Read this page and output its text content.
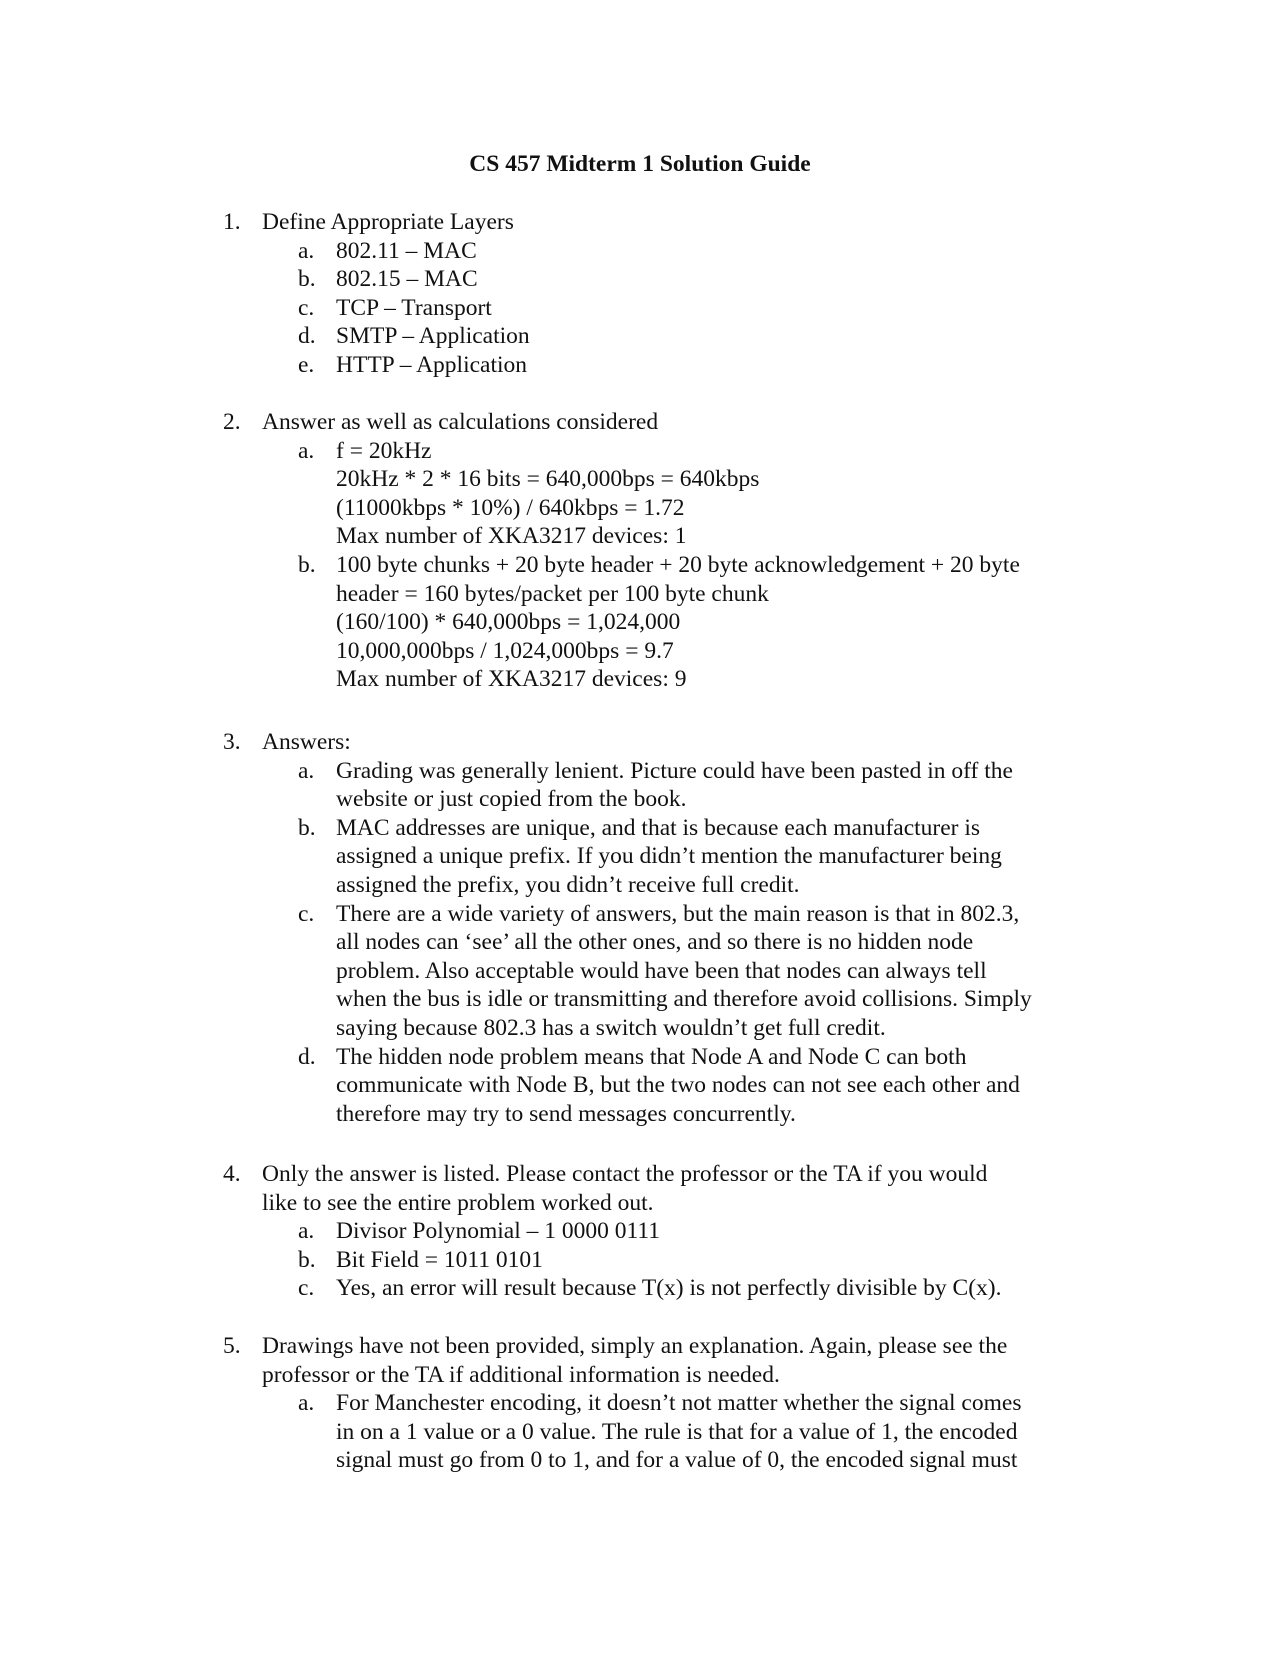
CS 457 Midterm 1 Solution Guide
1. Define Appropriate Layers
a. 802.11 – MAC
b. 802.15 – MAC
c. TCP – Transport
d. SMTP – Application
e. HTTP – Application
2. Answer as well as calculations considered
a. f = 20kHz
20kHz * 2 * 16 bits = 640,000bps = 640kbps
(11000kbps * 10%) / 640kbps = 1.72
Max number of XKA3217 devices: 1
b. 100 byte chunks + 20 byte header + 20 byte acknowledgement + 20 byte
header = 160 bytes/packet per 100 byte chunk
(160/100) * 640,000bps = 1,024,000
10,000,000bps / 1,024,000bps = 9.7
Max number of XKA3217 devices: 9
3. Answers:
a. Grading was generally lenient. Picture could have been pasted in off the
website or just copied from the book.
b. MAC addresses are unique, and that is because each manufacturer is
assigned a unique prefix. If you didn’t mention the manufacturer being
assigned the prefix, you didn’t receive full credit.
c. There are a wide variety of answers, but the main reason is that in 802.3,
all nodes can ‘see’ all the other ones, and so there is no hidden node
problem. Also acceptable would have been that nodes can always tell
when the bus is idle or transmitting and therefore avoid collisions. Simply
saying because 802.3 has a switch wouldn’t get full credit.
d. The hidden node problem means that Node A and Node C can both
communicate with Node B, but the two nodes can not see each other and
therefore may try to send messages concurrently.
4. Only the answer is listed. Please contact the professor or the TA if you would
like to see the entire problem worked out.
a. Divisor Polynomial – 1 0000 0111
b. Bit Field = 1011 0101
c. Yes, an error will result because T(x) is not perfectly divisible by C(x).
5. Drawings have not been provided, simply an explanation. Again, please see the
professor or the TA if additional information is needed.
a. For Manchester encoding, it doesn’t not matter whether the signal comes
in on a 1 value or a 0 value. The rule is that for a value of 1, the encoded
signal must go from 0 to 1, and for a value of 0, the encoded signal must
